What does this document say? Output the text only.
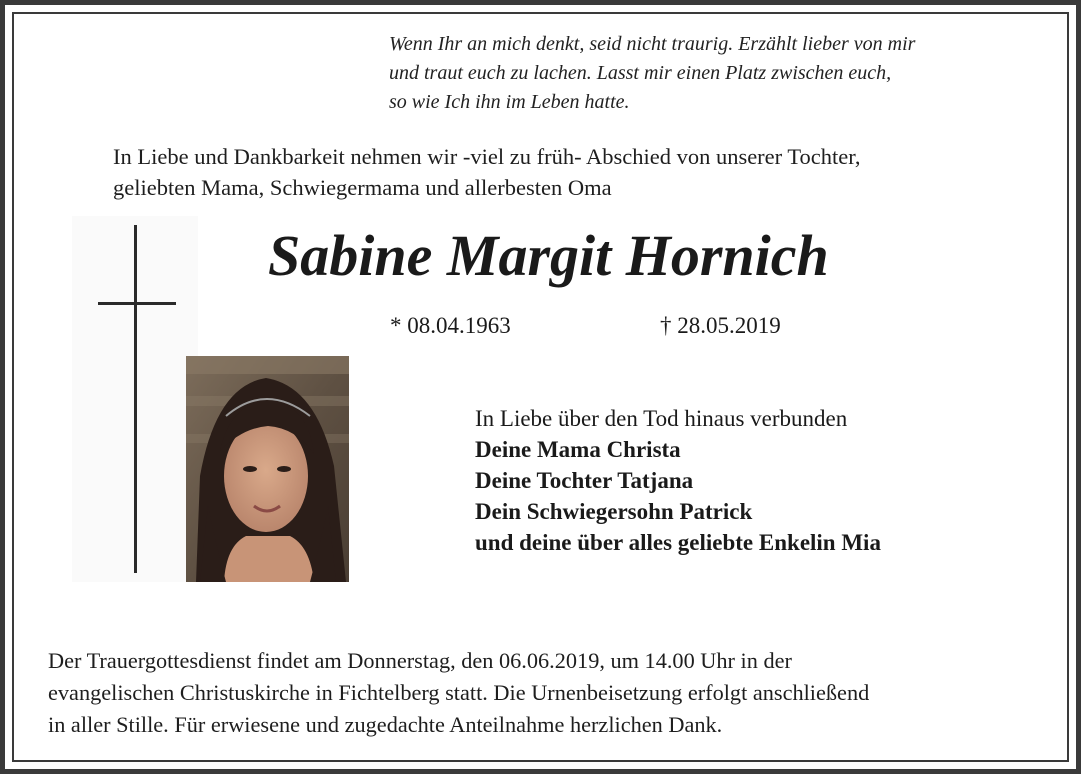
Wenn Ihr an mich denkt, seid nicht traurig. Erzählt lieber von mir
und traut euch zu lachen. Lasst mir einen Platz zwischen euch,
so wie Ich ihn im Leben hatte.
In Liebe und Dankbarkeit nehmen wir -viel zu früh- Abschied von unserer Tochter,
geliebten Mama, Schwiegermama und allerbesten Oma
Sabine Margit Hornich
* 08.04.1963	† 28.05.2019
In Liebe über den Tod hinaus verbunden
Deine Mama Christa
Deine Tochter Tatjana
Dein Schwiegersohn Patrick
und deine über alles geliebte Enkelin Mia
Der Trauergottesdienst findet am Donnerstag, den 06.06.2019, um 14.00 Uhr in der
evangelischen Christuskirche in Fichtelberg statt. Die Urnenbeisetzung erfolgt anschließend
in aller Stille. Für erwiesene und zugedachte Anteilnahme herzlichen Dank.
